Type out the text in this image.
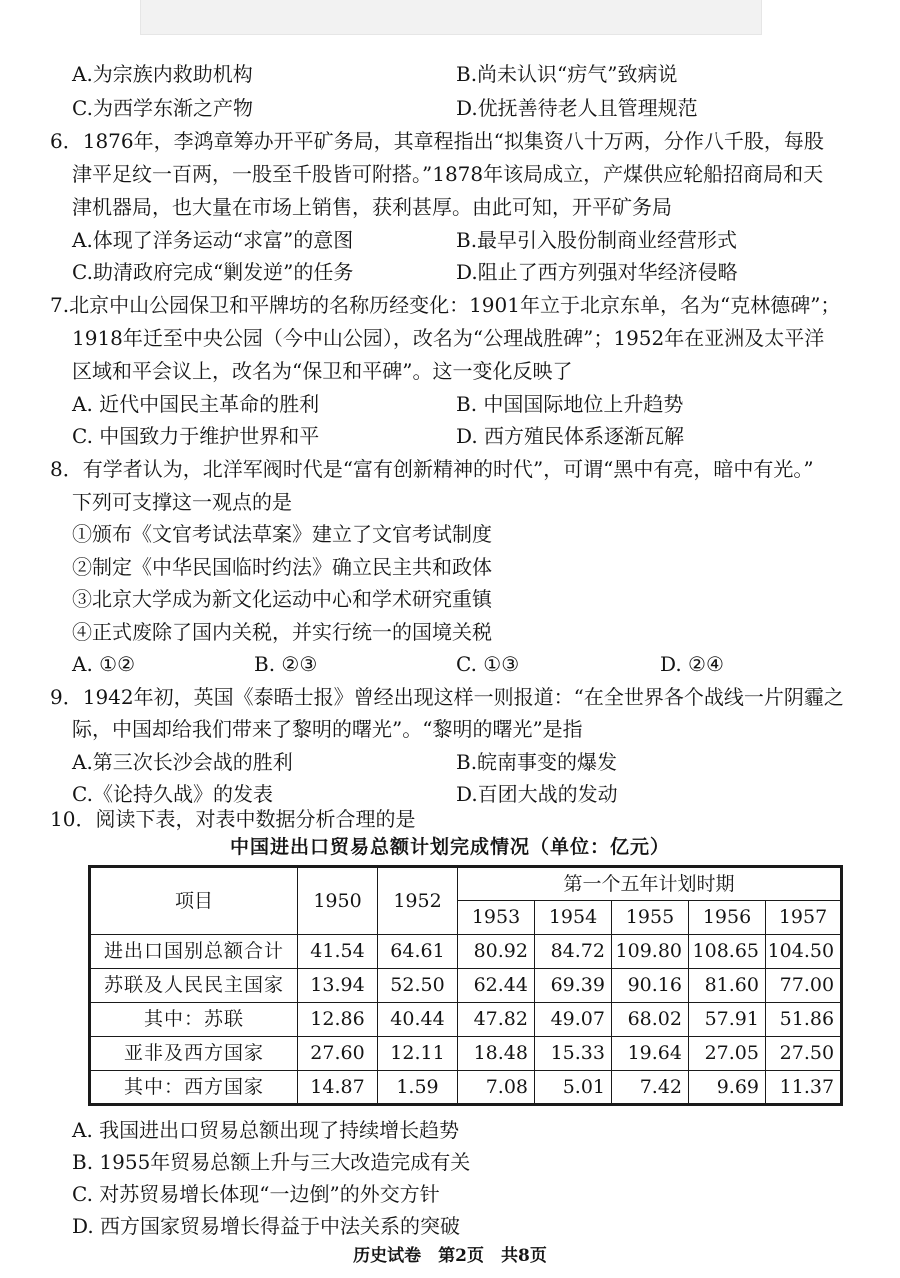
A.为宗族内救助机构	B.尚未认识“疠气”致病说
C.为西学东渐之产物	D.优抚善待老人且管理规范
6．1876年，李鸿章筹办开平矿务局，其章程指出“拟集资八十万两，分作八千股，每股
津平足纹一百两，一股至千股皆可附搭。”1878年该局成立，产煤供应轮船招商局和天
津机器局，也大量在市场上销售，获利甚厚。由此可知，开平矿务局
A.体现了洋务运动“求富”的意图	B.最早引入股份制商业经营形式
C.助清政府完成“剿发逆”的任务	D.阻止了西方列强对华经济侵略
7.北京中山公园保卫和平牌坊的名称历经变化：1901年立于北京东单，名为“克林德碑”；
1918年迁至中央公园（今中山公园），改名为“公理战胜碑”；1952年在亚洲及太平洋
区域和平会议上，改名为“保卫和平碑”。这一变化反映了
A. 近代中国民主革命的胜利	B. 中国国际地位上升趋势
C. 中国致力于维护世界和平	D. 西方殖民体系逐渐瓦解
8．有学者认为，北洋军阀时代是“富有创新精神的时代”，可谓“黑中有亮，暗中有光。”
下列可支撑这一观点的是
①颁布《文官考试法草案》建立了文官考试制度
②制定《中华民国临时约法》确立民主共和政体
③北京大学成为新文化运动中心和学术研究重镇
④正式废除了国内关税，并实行统一的国境关税
A. ①②	B. ②③	C. ①③	D. ②④
9．1942年初，英国《泰晤士报》曾经出现这样一则报道：“在全世界各个战线一片阴霾之
际，中国却给我们带来了黎明的曙光”。“黎明的曙光”是指
A.第三次长沙会战的胜利	B.皖南事变的爆发
C.《论持久战》的发表	D.百团大战的发动
10．阅读下表，对表中数据分析合理的是
中国进出口贸易总额计划完成情况（单位：亿元）
项目	1950	1952	第一个五年计划时期				
			1953	1954	1955	1956	1957
进出口国别总额合计	41.54	64.61	80.92	84.72	109.80	108.65	104.50
苏联及人民民主国家	13.94	52.50	62.44	69.39	90.16	81.60	77.00
其中：苏联	12.86	40.44	47.82	49.07	68.02	57.91	51.86
亚非及西方国家	27.60	12.11	18.48	15.33	19.64	27.05	27.50
其中：西方国家	14.87	1.59	7.08	5.01	7.42	9.69	11.37
A. 我国进出口贸易总额出现了持续增长趋势
B. 1955年贸易总额上升与三大改造完成有关
C. 对苏贸易增长体现“一边倒”的外交方针
D. 西方国家贸易增长得益于中法关系的突破
历史试卷　第2页　共8页
